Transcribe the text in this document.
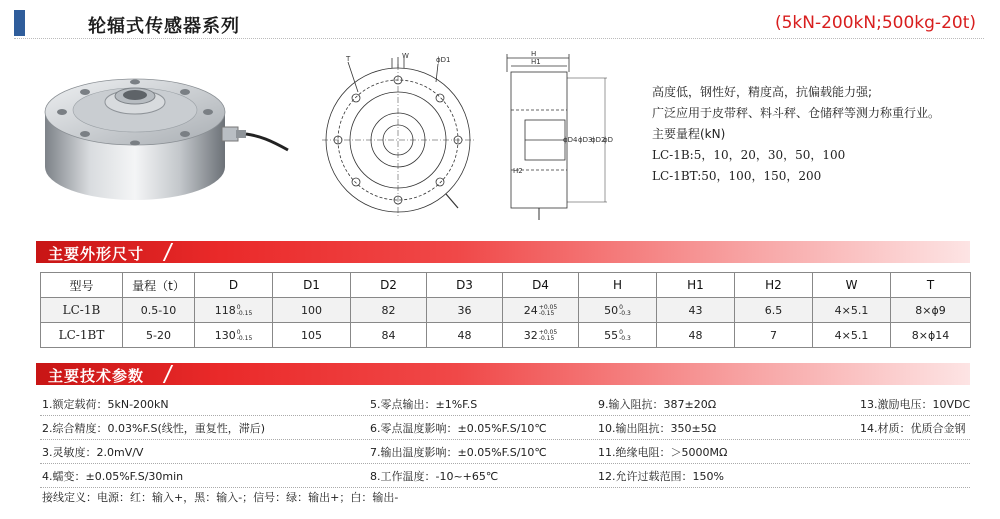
轮辐式传感器系列	(5kN-200kN;500kg-20t)
T	W	ϕD1
H
H1
H2
ϕD4 ϕD3
ϕD2
ϕD
高度低，钢性好，精度高，抗偏载能力强;
广泛应用于皮带秤、料斗秤、仓储秤等测力称重行业。
主要量程(kN)
LC-1B:5，10，20，30，50，100
LC-1BT:50，100，150，200
主要外形尺寸
型号	量程（t）	D	D1	D2	D3	D4	H	H1	H2	W	T
LC-1B	0.5-10	118 0
-0.15	100	82	36	24 +0.05
-0.15	50 0
-0.3	43	6.5	4×5.1	8×ϕ9
LC-1BT	5-20	130 0
-0.15	105	84	48	32 +0.05
-0.15	55 0
-0.3	48	7	4×5.1	8×ϕ14
主要技术参数
1.额定载荷：5kN-200kN	5.零点输出：±1%F.S	9.输入阻抗：387±20Ω	13.激励电压：10VDC
2.综合精度：0.03%F.S(线性，重复性，滞后)	6.零点温度影响：±0.05%F.S/10℃	10.输出阻抗：350±5Ω	14.材质：优质合金钢
3.灵敏度：2.0mV/V	7.输出温度影响：±0.05%F.S/10℃	11.绝缘电阻：＞5000MΩ
4.蠕变：±0.05%F.S/30min	8.工作温度：-10~+65℃	12.允许过载范围：150%
接线定义：电源：红：输入+，黑：输入-；信号：绿：输出+；白：输出-
